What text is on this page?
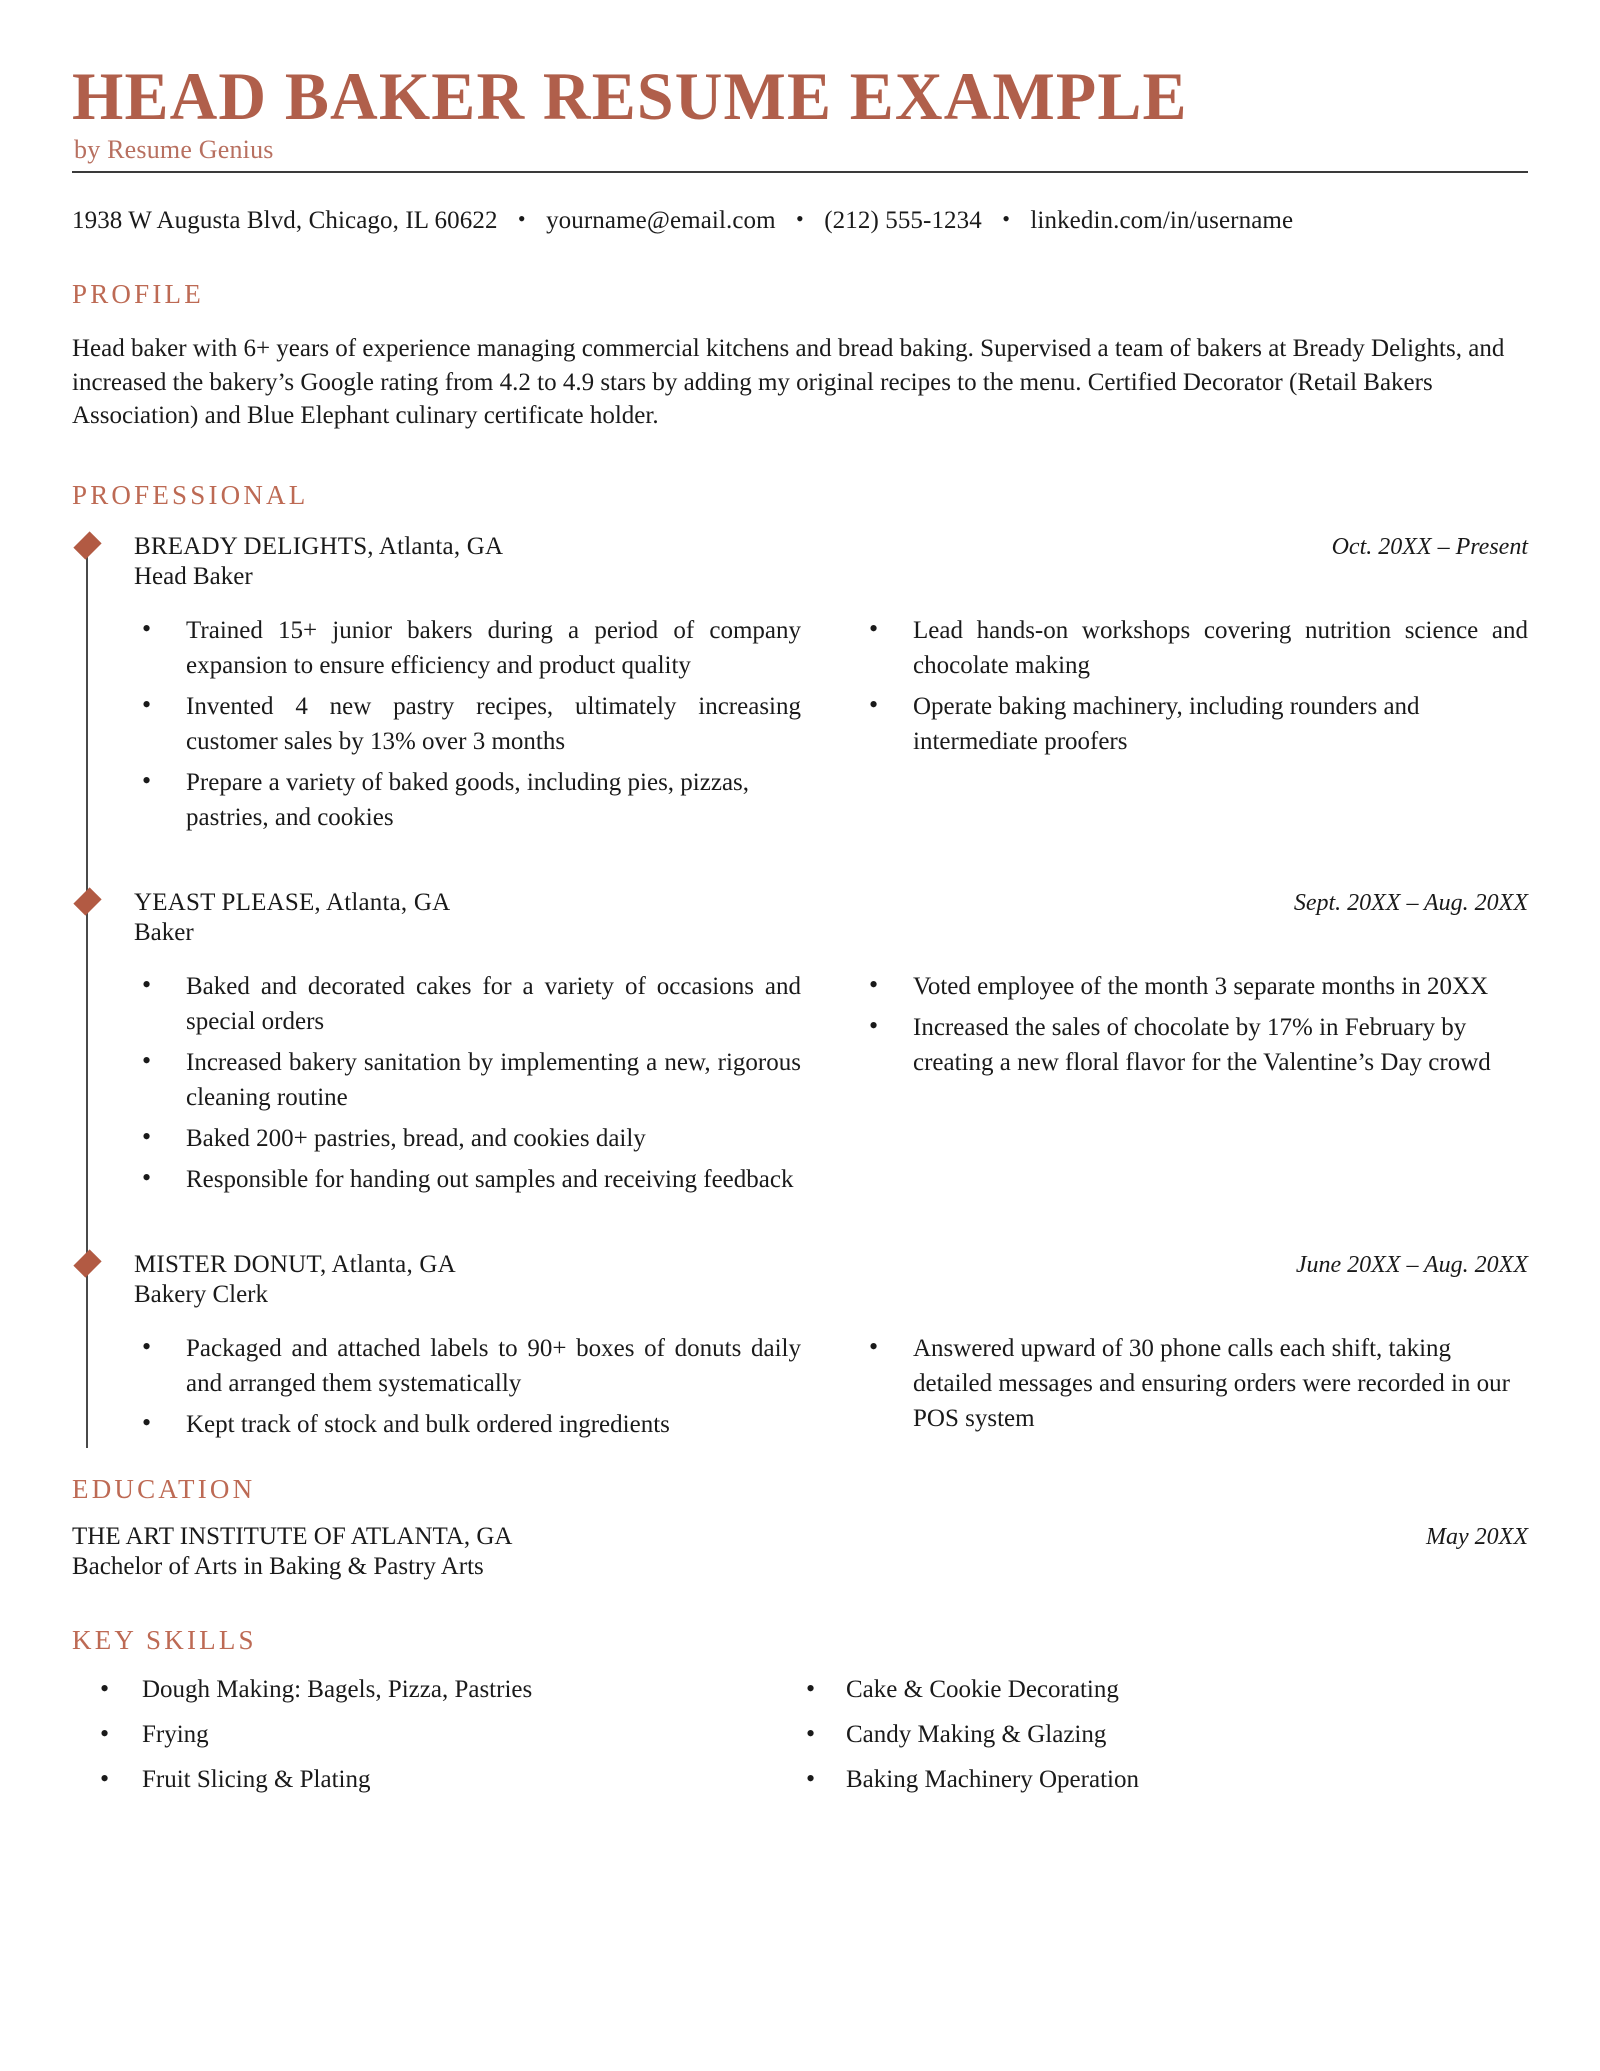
HEAD BAKER RESUME EXAMPLE
by Resume Genius
1938 W Augusta Blvd, Chicago, IL 60622 • yourname@email.com • (212) 555-1234 • linkedin.com/in/username
PROFILE

Head baker with 6+ years of experience managing commercial kitchens and bread baking. Supervised a team of bakers at Bready Delights, and increased the bakery’s Google rating from 4.2 to 4.9 stars by adding my original recipes to the menu. Certified Decorator (Retail Bakers Association) and Blue Elephant culinary certificate holder.

PROFESSIONAL
BREADY DELIGHTS, Atlanta, GA	Oct. 20XX – Present
Head Baker
• Trained 15+ junior bakers during a period of company expansion to ensure efficiency and product quality
• Invented 4 new pastry recipes, ultimately increasing customer sales by 13% over 3 months
• Prepare a variety of baked goods, including pies, pizzas, pastries, and cookies
• Lead hands-on workshops covering nutrition science and chocolate making
• Operate baking machinery, including rounders and intermediate proofers
YEAST PLEASE, Atlanta, GA	Sept. 20XX – Aug. 20XX
Baker
• Baked and decorated cakes for a variety of occasions and special orders
• Increased bakery sanitation by implementing a new, rigorous cleaning routine
• Baked 200+ pastries, bread, and cookies daily
• Responsible for handing out samples and receiving feedback
• Voted employee of the month 3 separate months in 20XX
• Increased the sales of chocolate by 17% in February by creating a new floral flavor for the Valentine’s Day crowd
MISTER DONUT, Atlanta, GA	June 20XX – Aug. 20XX
Bakery Clerk
• Packaged and attached labels to 90+ boxes of donuts daily and arranged them systematically
• Kept track of stock and bulk ordered ingredients
• Answered upward of 30 phone calls each shift, taking detailed messages and ensuring orders were recorded in our POS system
EDUCATION
THE ART INSTITUTE OF ATLANTA, GA	May 20XX
Bachelor of Arts in Baking & Pastry Arts
KEY SKILLS
• Dough Making: Bagels, Pizza, Pastries
• Frying
• Fruit Slicing & Plating
• Cake & Cookie Decorating
• Candy Making & Glazing
• Baking Machinery Operation
